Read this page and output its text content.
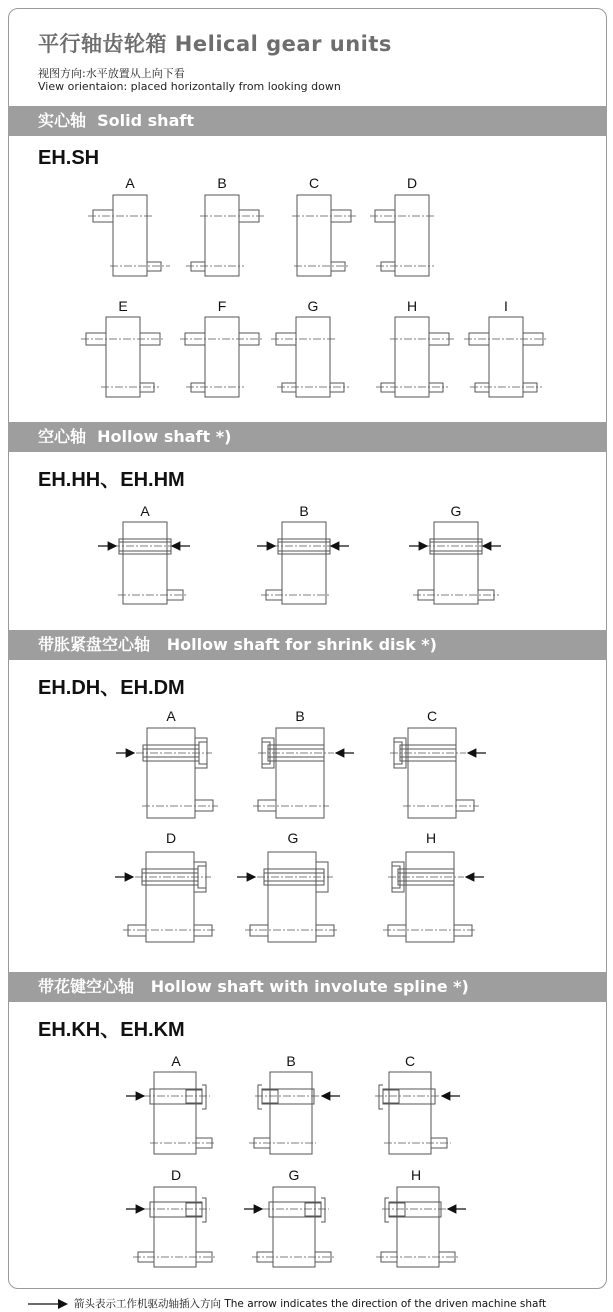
平行轴齿轮箱 Helical gear units
视图方向:水平放置从上向下看
View orientaion: placed horizontally from looking down
实心轴  Solid shaft
EH.SH
A	B	C	D
E	F	G	H	I
空心轴  Hollow shaft *)
EH.HH、EH.HM
A	B	G
带胀紧盘空心轴   Hollow shaft for shrink disk *)
EH.DH、EH.DM
A	B	C
D	G	H
带花键空心轴   Hollow shaft with involute spline *)
EH.KH、EH.KM
A	B	C
D	G	H
箭头表示工作机驱动轴插入方向 The arrow indicates the direction of the driven machine shaft
